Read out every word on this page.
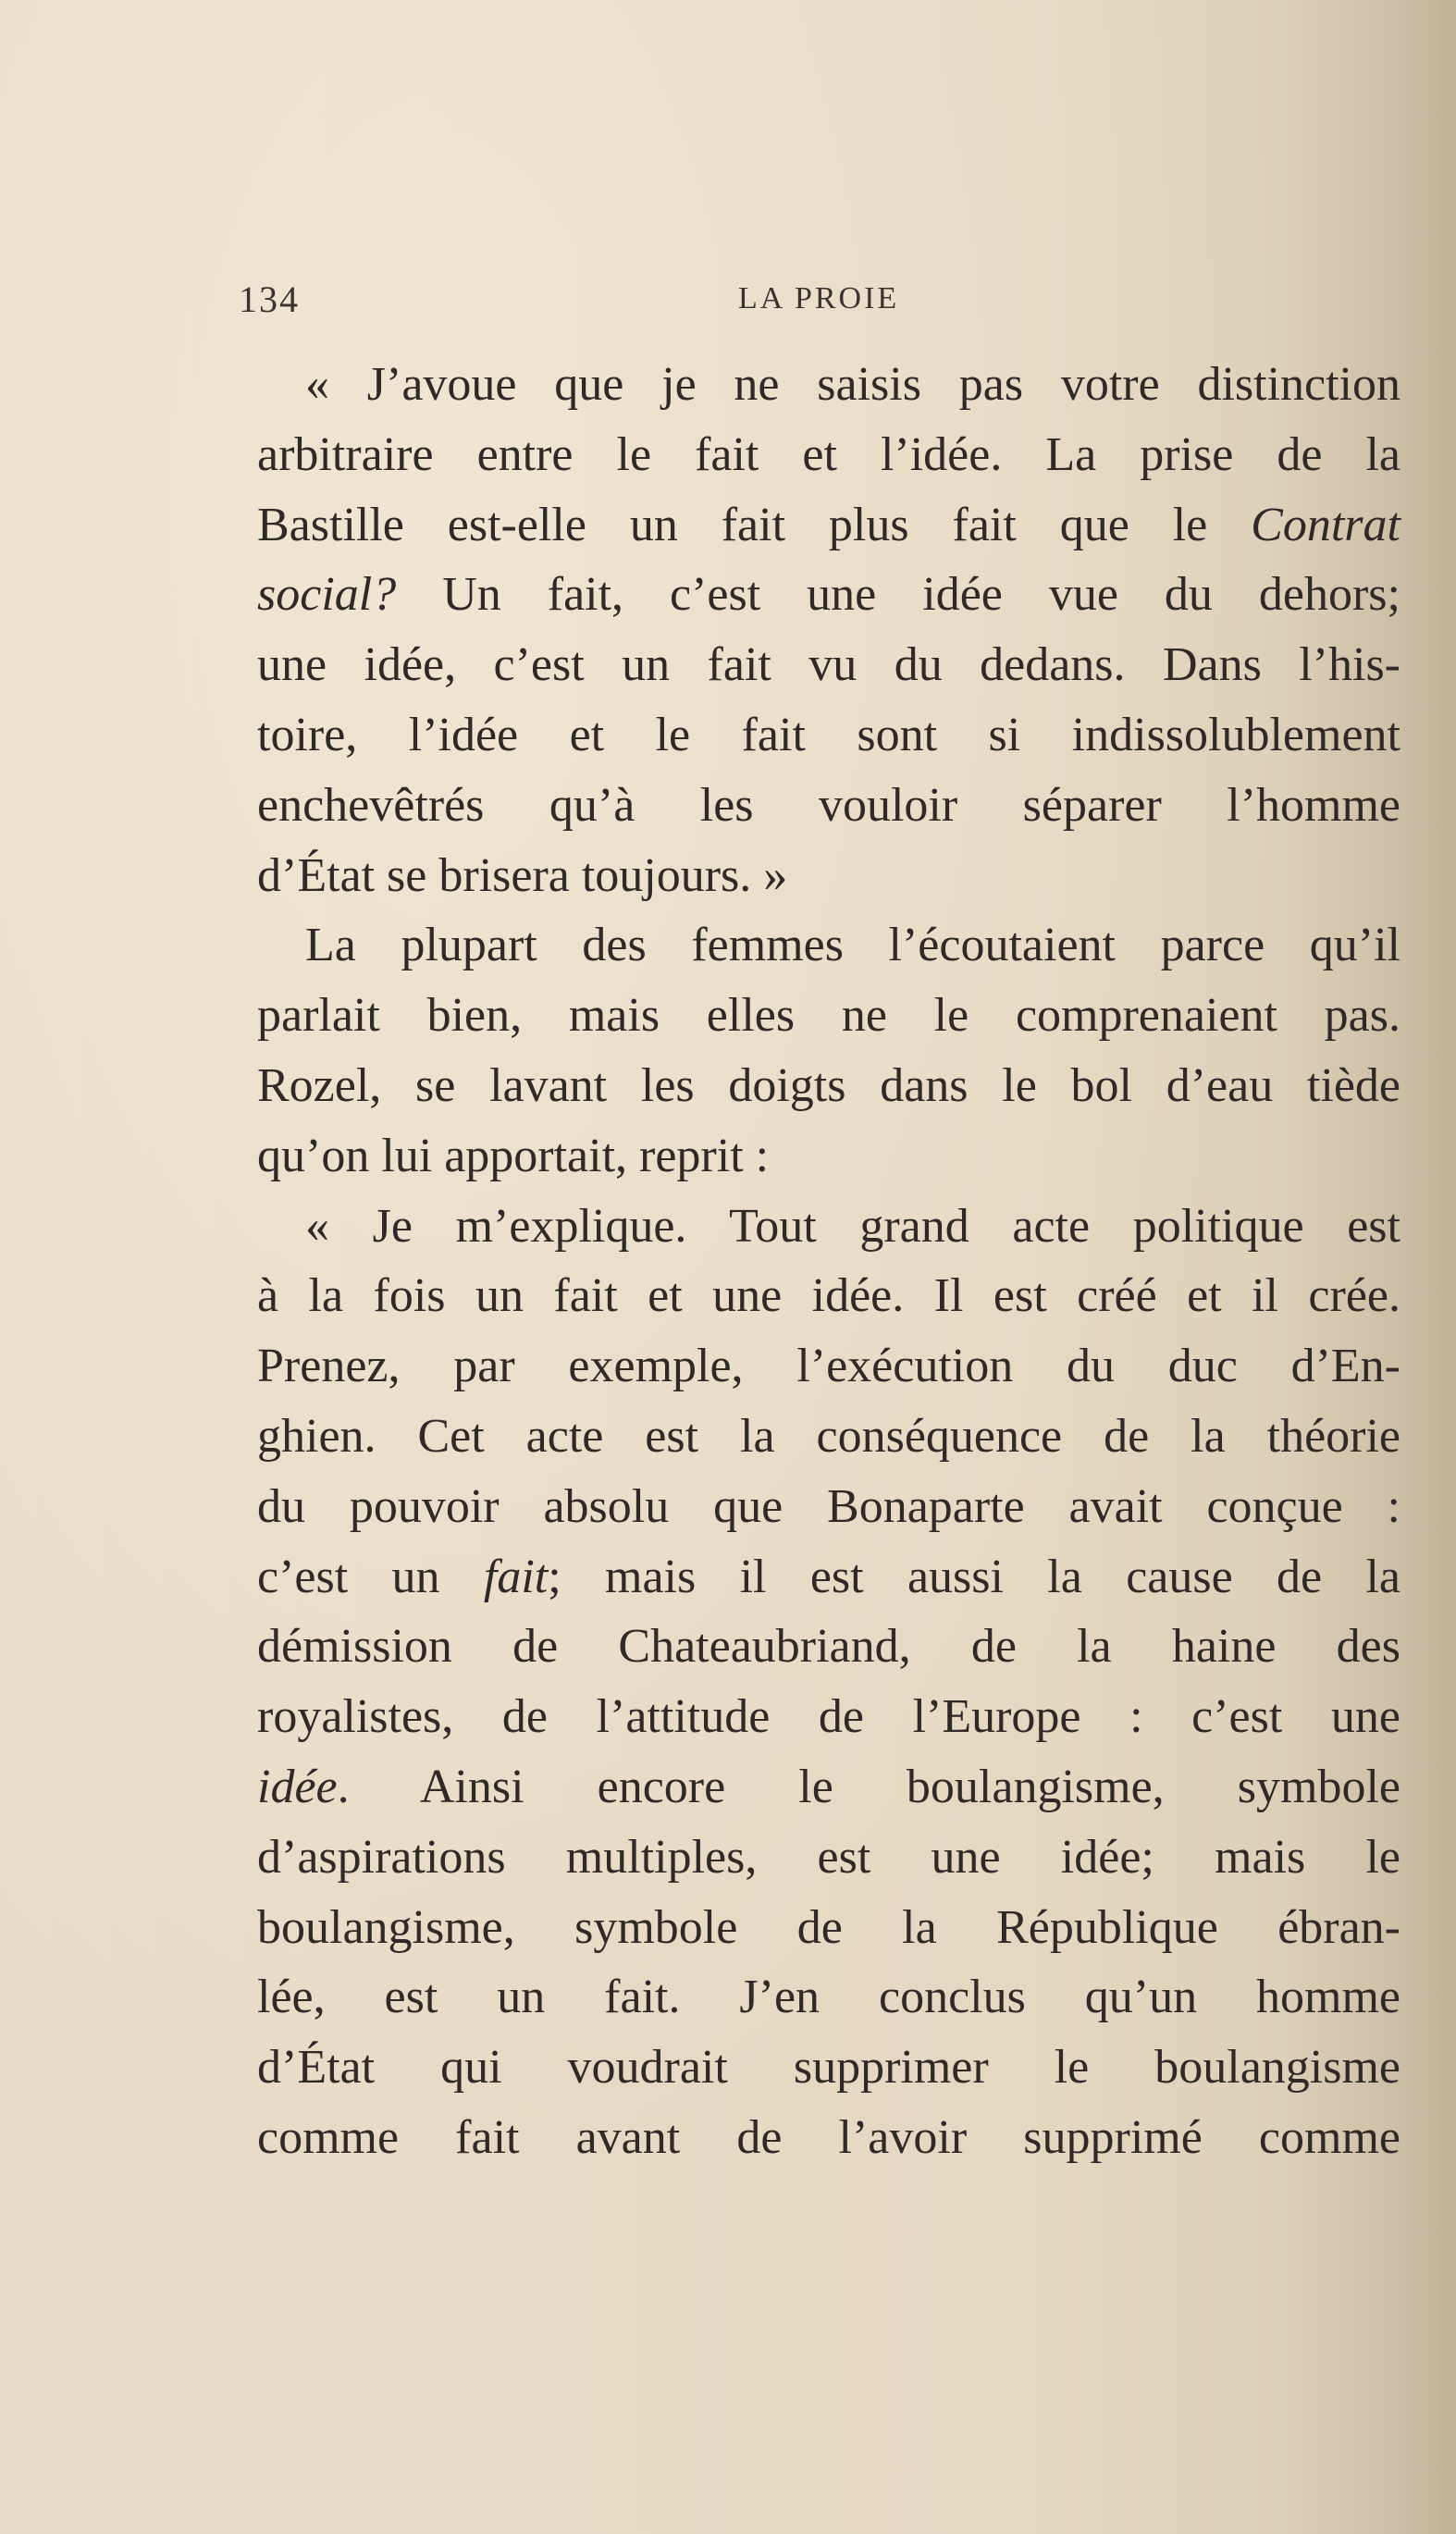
134	LA PROIE
« J’avoue que je ne saisis pas votre distinction
arbitraire entre le fait et l’idée. La prise de la
Bastille est-elle un fait plus fait que le Contrat
social? Un fait, c’est une idée vue du dehors;
une idée, c’est un fait vu du dedans. Dans l’his-
toire, l’idée et le fait sont si indissolublement
enchevêtrés qu’à les vouloir séparer l’homme
d’État se brisera toujours. »
La plupart des femmes l’écoutaient parce qu’il
parlait bien, mais elles ne le comprenaient pas.
Rozel, se lavant les doigts dans le bol d’eau tiède
qu’on lui apportait, reprit :
« Je m’explique. Tout grand acte politique est
à la fois un fait et une idée. Il est créé et il crée.
Prenez, par exemple, l’exécution du duc d’En-
ghien. Cet acte est la conséquence de la théorie
du pouvoir absolu que Bonaparte avait conçue :
c’est un fait; mais il est aussi la cause de la
démission de Chateaubriand, de la haine des
royalistes, de l’attitude de l’Europe : c’est une
idée. Ainsi encore le boulangisme, symbole
d’aspirations multiples, est une idée; mais le
boulangisme, symbole de la République ébran-
lée, est un fait. J’en conclus qu’un homme
d’État qui voudrait supprimer le boulangisme
comme fait avant de l’avoir supprimé comme
